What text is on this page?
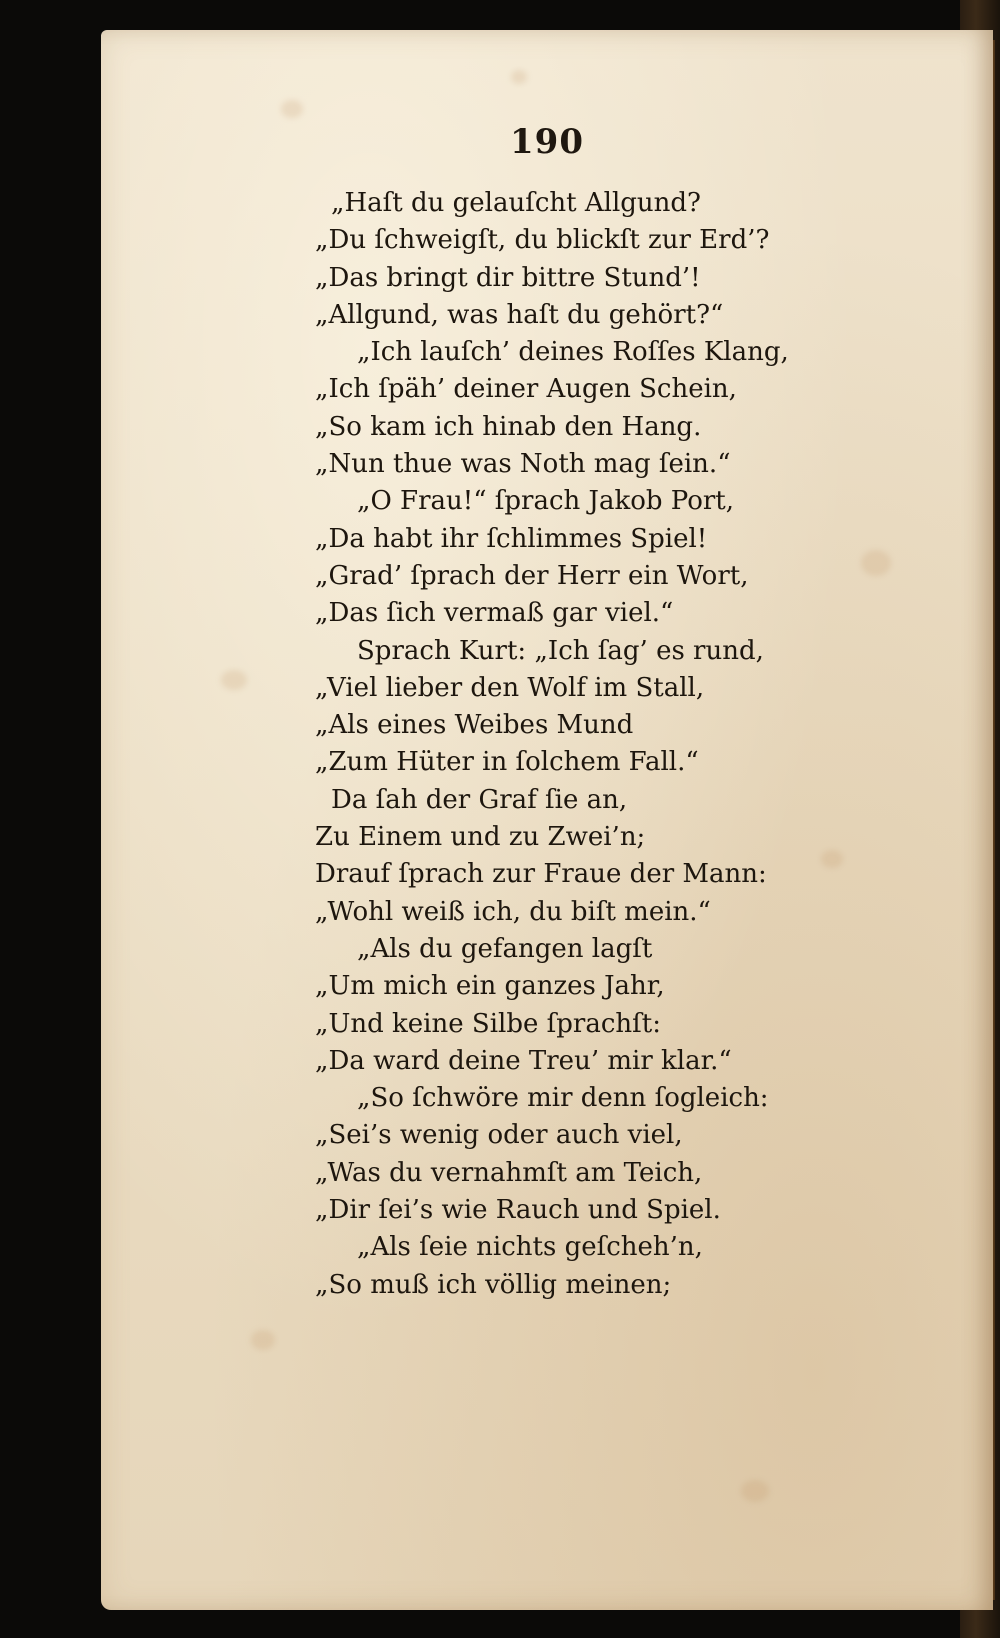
190
„Haſt du gelauſcht Allgund?
„Du ſchweigſt, du blickſt zur Erd’?
„Das bringt dir bittre Stund’!
„Allgund, was haſt du gehört?“
„Ich lauſch’ deines Roſſes Klang,
„Ich ſpäh’ deiner Augen Schein,
„So kam ich hinab den Hang.
„Nun thue was Noth mag ſein.“
„O Frau!“ ſprach Jakob Port,
„Da habt ihr ſchlimmes Spiel!
„Grad’ ſprach der Herr ein Wort,
„Das ſich vermaß gar viel.“
Sprach Kurt: „Ich ſag’ es rund,
„Viel lieber den Wolf im Stall,
„Als eines Weibes Mund
„Zum Hüter in ſolchem Fall.“
Da ſah der Graf ſie an,
Zu Einem und zu Zwei’n;
Drauf ſprach zur Fraue der Mann:
„Wohl weiß ich, du biſt mein.“
„Als du gefangen lagſt
„Um mich ein ganzes Jahr,
„Und keine Silbe ſprachſt:
„Da ward deine Treu’ mir klar.“
„So ſchwöre mir denn ſogleich:
„Sei’s wenig oder auch viel,
„Was du vernahmſt am Teich,
„Dir ſei’s wie Rauch und Spiel.
„Als ſeie nichts geſcheh’n,
„So muß ich völlig meinen;
